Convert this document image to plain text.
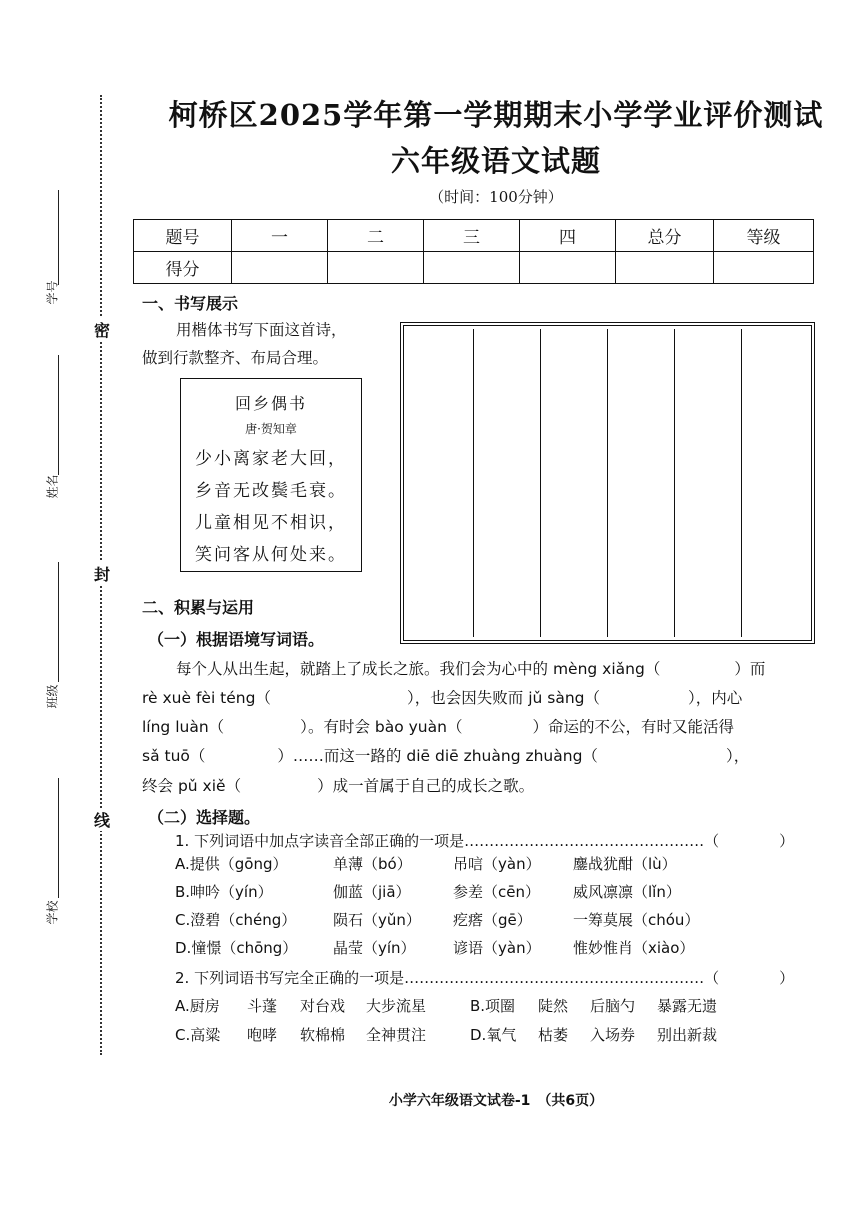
密
封
线
学号
姓名
班级
学校
柯桥区2025学年第一学期期末小学学业评价测试
六年级语文试题
（时间：100分钟）
题号	一	二	三	四	总分	等级
得分						
一、书写展示
用楷体书写下面这首诗，
做到行款整齐、布局合理。
回乡偶书
唐·贺知章
少小离家老大回，
乡音无改鬓毛衰。
儿童相见不相识，
笑问客从何处来。
二、积累与运用
（一）根据语境写词语。
每个人从出生起，就踏上了成长之旅。我们会为心中的 mèng xiǎng（	）而
rè xuè fèi téng（	），也会因失败而 jǔ sàng（	），内心
líng luàn（	）。有时会 bào yuàn（	）命运的不公，有时又能活得
sǎ tuō（	）……而这一路的 diē diē zhuàng zhuàng（	），
终会 pǔ xiě（	）成一首属于自己的成长之歌。
（二）选择题。
1. 下列词语中加点字读音全部正确的一项是…………………………………………（　　　　）
A.提供（gōng）	单薄（bó）	吊唁（yàn） 鏖战犹酣（lù）
B.呻吟（yín）	伽蓝（jiā）	参差（cēn） 威风凛凛（lǐn）
C.澄碧（chéng） 陨石（yǔn） 疙瘩（gē）	一筹莫展（chóu）
D.憧憬（chōng） 晶莹（yín） 谚语（yàn） 惟妙惟肖（xiào）
2. 下列词语书写完全正确的一项是……………………………………………………（　　　　）
A.厨房 斗蓬 对台戏 大步流星	B.项圈 陡然 后脑勺 暴露无遗
C.高粱 咆哮 软棉棉 全神贯注	D.氧气 枯萎 入场券 别出新裁
小学六年级语文试卷-1　（共6页）
